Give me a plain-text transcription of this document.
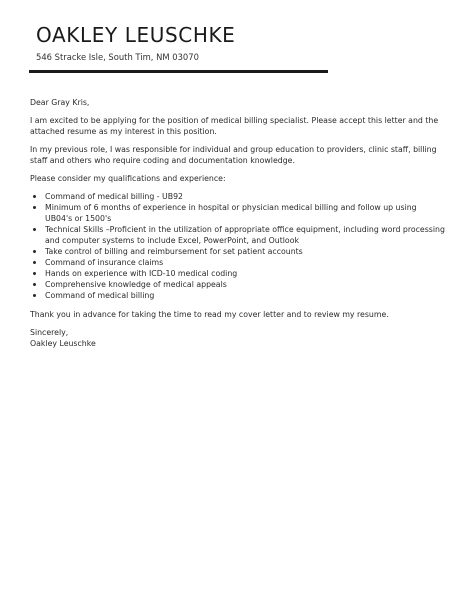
OAKLEY LEUSCHKE
546 Stracke Isle, South Tim, NM 03070

Dear Gray Kris,

I am excited to be applying for the position of medical billing specialist. Please accept this letter and the attached resume as my interest in this position.

In my previous role, I was responsible for individual and group education to providers, clinic staff, billing staff and others who require coding and documentation knowledge.

Please consider my qualifications and experience:

Command of medical billing - UB92
Minimum of 6 months of experience in hospital or physician medical billing and follow up using UB04's or 1500's
Technical Skills –Proficient in the utilization of appropriate office equipment, including word processing and computer systems to include Excel, PowerPoint, and Outlook
Take control of billing and reimbursement for set patient accounts
Command of insurance claims
Hands on experience with ICD-10 medical coding
Comprehensive knowledge of medical appeals
Command of medical billing

Thank you in advance for taking the time to read my cover letter and to review my resume.

Sincerely,

Oakley Leuschke
